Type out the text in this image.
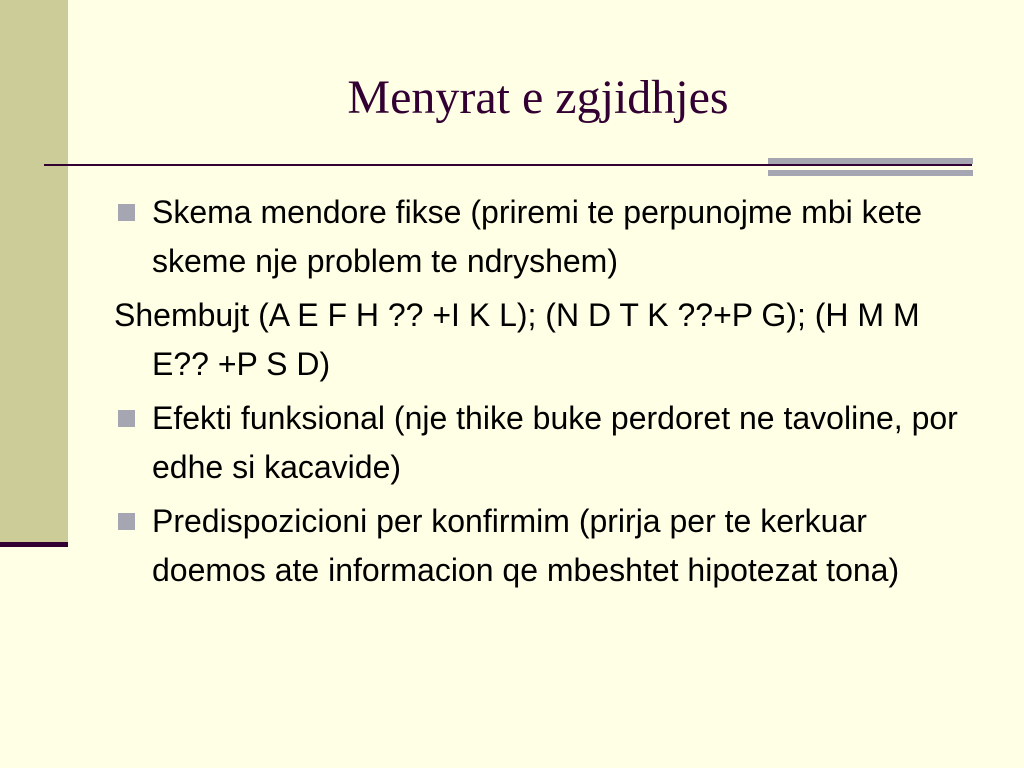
Menyrat e zgjidhjes
Skema mendore fikse (priremi te perpunojme mbi kete skeme nje problem te ndryshem)
Shembujt (A E F H ?? +I K L); (N D T K ??+P G); (H M M E?? +P S D)
Efekti funksional (nje thike buke perdoret ne tavoline, por edhe si kacavide)
Predispozicioni per konfirmim (prirja per te kerkuar doemos ate informacion qe mbeshtet hipotezat tona)
